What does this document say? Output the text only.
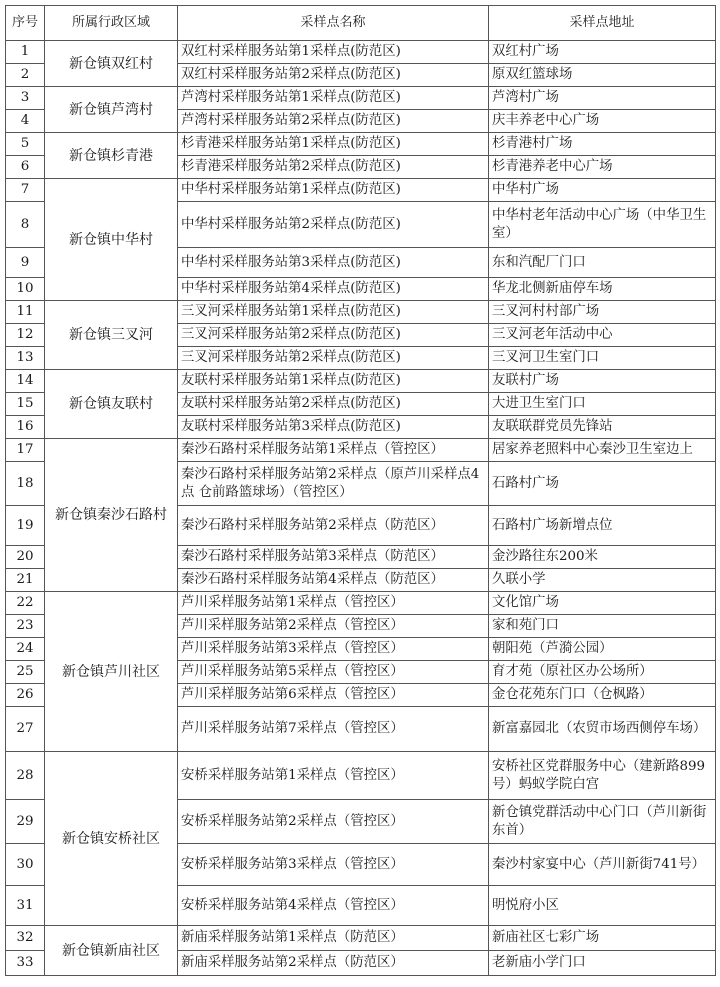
序号	所属行政区域	采样点名称	采样点地址
1	新仓镇双红村	双红村采样服务站第1采样点(防范区)	双红村广场
2		双红村采样服务站第2采样点(防范区)	原双红篮球场
3	新仓镇芦湾村	芦湾村采样服务站第1采样点(防范区)	芦湾村广场
4		芦湾村采样服务站第2采样点(防范区)	庆丰养老中心广场
5	新仓镇杉青港	杉青港采样服务站第1采样点(防范区)	杉青港村广场
6		杉青港采样服务站第2采样点(防范区)	杉青港养老中心广场
7	新仓镇中华村	中华村采样服务站第1采样点(防范区)	中华村广场
8		中华村采样服务站第2采样点(防范区)	中华村老年活动中心广场（中华卫生室）
9		中华村采样服务站第3采样点(防范区)	东和汽配厂门口
10		中华村采样服务站第4采样点(防范区)	华龙北侧新庙停车场
11	新仓镇三叉河	三叉河采样服务站第1采样点(防范区)	三叉河村村部广场
12		三叉河采样服务站第2采样点(防范区)	三叉河老年活动中心
13		三叉河采样服务站第2采样点(防范区)	三叉河卫生室门口
14	新仓镇友联村	友联村采样服务站第1采样点(防范区)	友联村广场
15		友联村采样服务站第2采样点(防范区)	大进卫生室门口
16		友联村采样服务站第3采样点(防范区)	友联联群党员先锋站
17	新仓镇秦沙石路村	秦沙石路村采样服务站第1采样点（管控区）	居家养老照料中心秦沙卫生室边上
18		秦沙石路村采样服务站第2采样点（原芦川采样点4点 仓前路篮球场）（管控区）	石路村广场
19		秦沙石路村采样服务站第2采样点（防范区）	石路村广场新增点位
20		秦沙石路村采样服务站第3采样点（防范区）	金沙路往东200米
21		秦沙石路村采样服务站第4采样点（防范区）	久联小学
22	新仓镇芦川社区	芦川采样服务站第1采样点（管控区）	文化馆广场
23		芦川采样服务站第2采样点（管控区）	家和苑门口
24		芦川采样服务站第3采样点（管控区）	朝阳苑（芦漪公园）
25		芦川采样服务站第5采样点（管控区）	育才苑（原社区办公场所）
26		芦川采样服务站第6采样点（管控区）	金仓花苑东门口（仓枫路）
27		芦川采样服务站第7采样点（管控区）	新富嘉园北（农贸市场西侧停车场）
28	新仓镇安桥社区	安桥采样服务站第1采样点（管控区）	安桥社区党群服务中心（建新路899号）蚂蚁学院白宫
29		安桥采样服务站第2采样点（管控区）	新仓镇党群活动中心门口（芦川新街东首）
30		安桥采样服务站第3采样点（管控区）	秦沙村家宴中心（芦川新街741号）
31		安桥采样服务站第4采样点（管控区）	明悦府小区
32	新仓镇新庙社区	新庙采样服务站第1采样点（防范区）	新庙社区七彩广场
33		新庙采样服务站第2采样点（防范区）	老新庙小学门口
